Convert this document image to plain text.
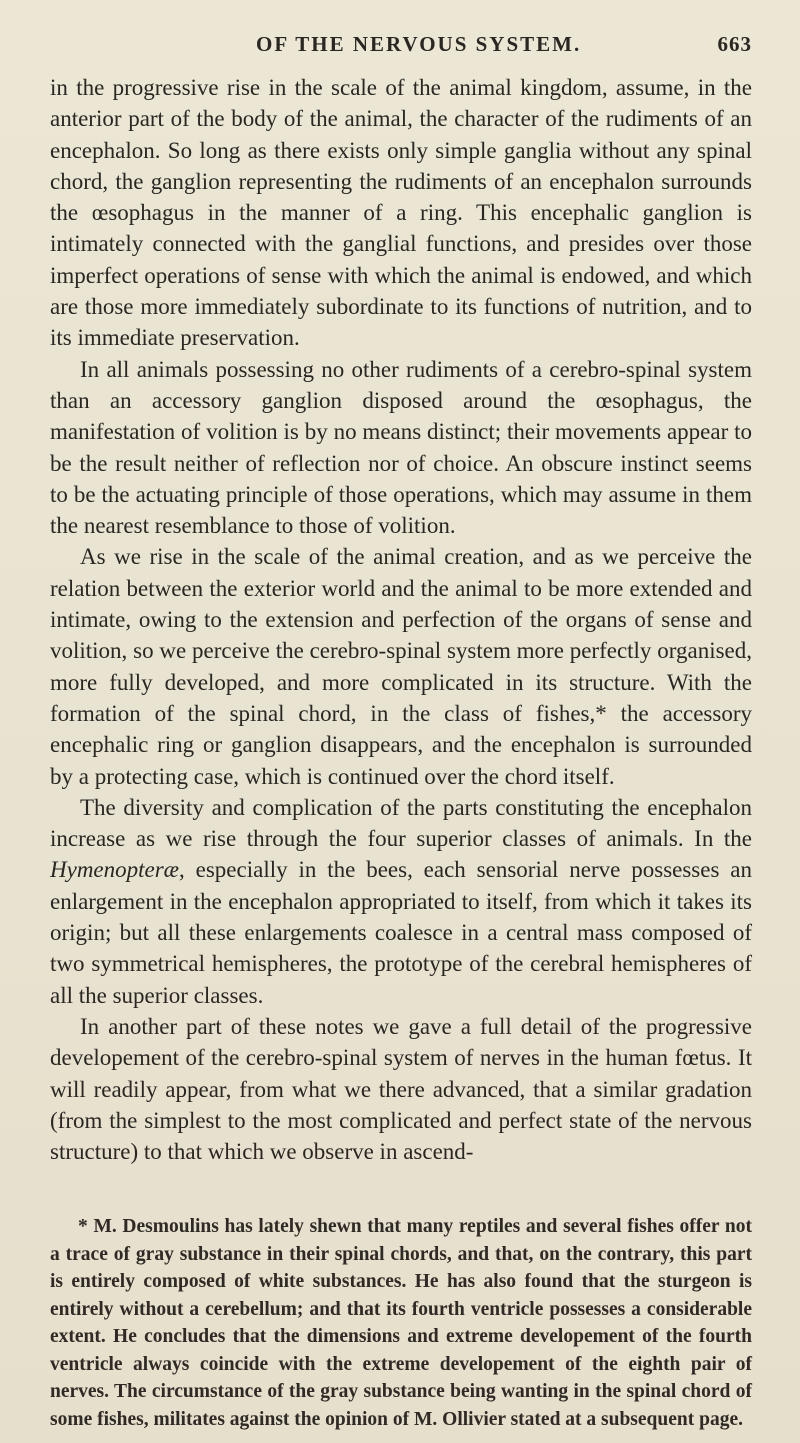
OF THE NERVOUS SYSTEM.	663

in the progressive rise in the scale of the animal kingdom, assume, in the anterior part of the body of the animal, the character of the rudiments of an encephalon. So long as there exists only simple ganglia without any spinal chord, the ganglion representing the rudiments of an encephalon surrounds the œsophagus in the manner of a ring. This encephalic ganglion is intimately connected with the ganglial functions, and presides over those imperfect operations of sense with which the animal is endowed, and which are those more immediately subordinate to its functions of nutrition, and to its immediate preservation.

In all animals possessing no other rudiments of a cerebro-spinal system than an accessory ganglion disposed around the œsophagus, the manifestation of volition is by no means distinct; their movements appear to be the result neither of reflection nor of choice. An obscure instinct seems to be the actuating principle of those operations, which may assume in them the nearest resemblance to those of volition.

As we rise in the scale of the animal creation, and as we perceive the relation between the exterior world and the animal to be more extended and intimate, owing to the extension and perfection of the organs of sense and volition, so we perceive the cerebro-spinal system more perfectly organised, more fully developed, and more complicated in its structure. With the formation of the spinal chord, in the class of fishes,* the accessory encephalic ring or ganglion disappears, and the encephalon is surrounded by a protecting case, which is continued over the chord itself.

The diversity and complication of the parts constituting the encephalon increase as we rise through the four superior classes of animals. In the Hymenopteræ, especially in the bees, each sensorial nerve possesses an enlargement in the encephalon appropriated to itself, from which it takes its origin; but all these enlargements coalesce in a central mass composed of two symmetrical hemispheres, the prototype of the cerebral hemispheres of all the superior classes.

In another part of these notes we gave a full detail of the progressive developement of the cerebro-spinal system of nerves in the human fœtus. It will readily appear, from what we there advanced, that a similar gradation (from the simplest to the most complicated and perfect state of the nervous structure) to that which we observe in ascend-

* M. Desmoulins has lately shewn that many reptiles and several fishes offer not a trace of gray substance in their spinal chords, and that, on the contrary, this part is entirely composed of white substances. He has also found that the sturgeon is entirely without a cerebellum; and that its fourth ventricle possesses a considerable extent. He concludes that the dimensions and extreme developement of the fourth ventricle always coincide with the extreme developement of the eighth pair of nerves. The circumstance of the gray substance being wanting in the spinal chord of some fishes, militates against the opinion of M. Ollivier stated at a subsequent page.
